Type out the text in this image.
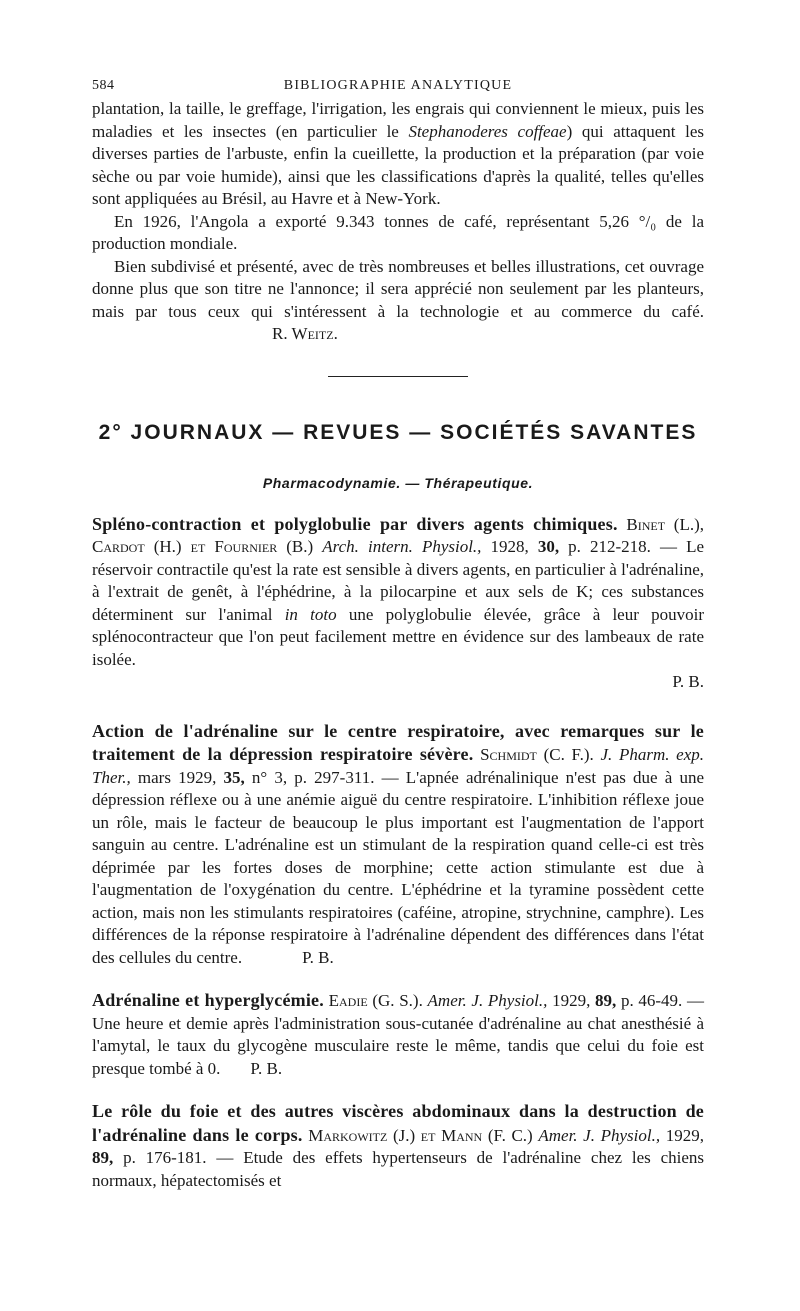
584	BIBLIOGRAPHIE ANALYTIQUE

plantation, la taille, le greffage, l'irrigation, les engrais qui conviennent le mieux, puis les maladies et les insectes (en particulier le Stephanoderes coffeae) qui attaquent les diverses parties de l'arbuste, enfin la cueillette, la production et la préparation (par voie sèche ou par voie humide), ainsi que les classifications d'après la qualité, telles qu'elles sont appliquées au Brésil, au Havre et à New-York.

En 1926, l'Angola a exporté 9.343 tonnes de café, représentant 5,26 °/₀ de la production mondiale.

Bien subdivisé et présenté, avec de très nombreuses et belles illustrations, cet ouvrage donne plus que son titre ne l'annonce; il sera apprécié non seulement par les planteurs, mais par tous ceux qui s'intéressent à la technologie et au commerce du café.R. Weitz.

2° JOURNAUX — REVUES — SOCIÉTÉS SAVANTES
Pharmacodynamie. — Thérapeutique.

Spléno-contraction et polyglobulie par divers agents chimiques. Binet (L.), Cardot (H.) et Fournier (B.) Arch. intern. Physiol., 1928, 30, p. 212-218. — Le réservoir contractile qu'est la rate est sensible à divers agents, en particulier à l'adrénaline, à l'extrait de genêt, à l'éphédrine, à la pilocarpine et aux sels de K; ces substances déterminent sur l'animal in toto une polyglobulie élevée, grâce à leur pouvoir splénocontracteur que l'on peut facilement mettre en évidence sur des lambeaux de rate isolée.

P. B.

Action de l'adrénaline sur le centre respiratoire, avec remarques sur le traitement de la dépression respiratoire sévère. Schmidt (C. F.). J. Pharm. exp. Ther., mars 1929, 35, n° 3, p. 297-311. — L'apnée adrénalinique n'est pas due à une dépression réflexe ou à une anémie aiguë du centre respiratoire. L'inhibition réflexe joue un rôle, mais le facteur de beaucoup le plus important est l'augmentation de l'apport sanguin au centre. L'adrénaline est un stimulant de la respiration quand celle-ci est très déprimée par les fortes doses de morphine; cette action stimulante est due à l'augmentation de l'oxygénation du centre. L'éphédrine et la tyramine possèdent cette action, mais non les stimulants respiratoires (caféine, atropine, strychnine, camphre). Les différences de la réponse respiratoire à l'adrénaline dépendent des différences dans l'état des cellules du centre.	P. B.

Adrénaline et hyperglycémie. Eadie (G. S.). Amer. J. Physiol., 1929, 89, p. 46-49. — Une heure et demie après l'administration sous-cutanée d'adrénaline au chat anesthésié à l'amytal, le taux du glycogène musculaire reste le même, tandis que celui du foie est presque tombé à 0. P. B.

Le rôle du foie et des autres viscères abdominaux dans la destruction de l'adrénaline dans le corps. Markowitz (J.) et Mann (F. C.) Amer. J. Physiol., 1929, 89, p. 176-181. — Etude des effets hypertenseurs de l'adrénaline chez les chiens normaux, hépatectomisés et
